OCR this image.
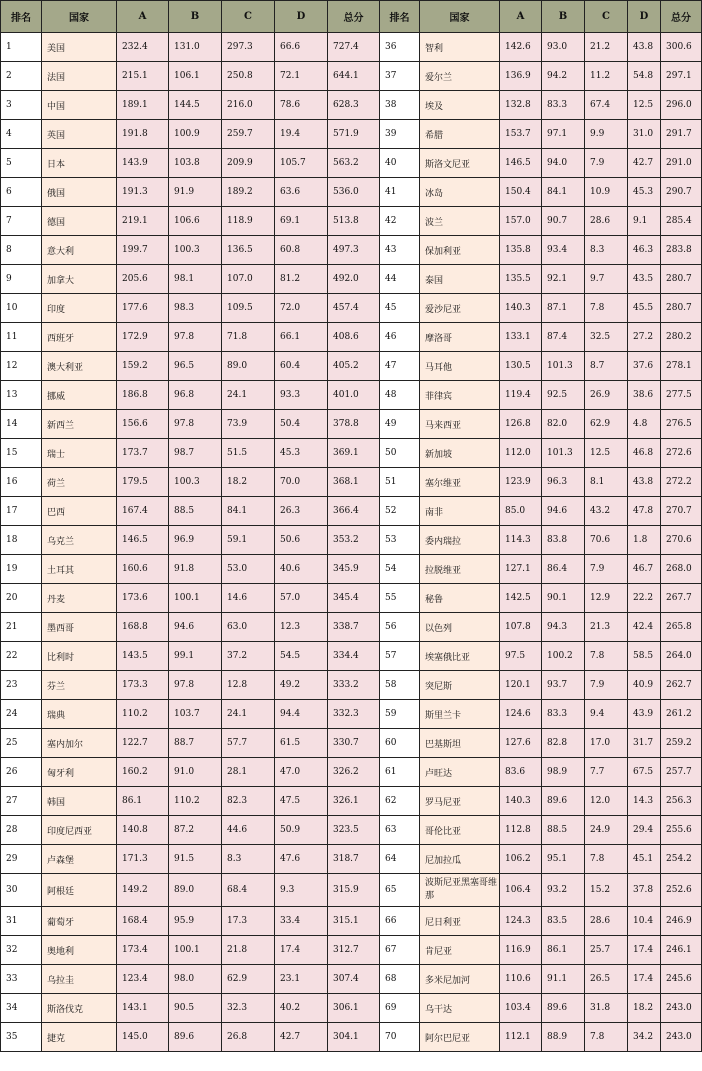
排名	国家	A	B	C	D	总分	排名	国家	A	B	C	D	总分
1	美国	232.4	131.0	297.3	66.6	727.4	36	智利	142.6	93.0	21.2	43.8	300.6
2	法国	215.1	106.1	250.8	72.1	644.1	37	爱尔兰	136.9	94.2	11.2	54.8	297.1
3	中国	189.1	144.5	216.0	78.6	628.3	38	埃及	132.8	83.3	67.4	12.5	296.0
4	英国	191.8	100.9	259.7	19.4	571.9	39	希腊	153.7	97.1	9.9	31.0	291.7
5	日本	143.9	103.8	209.9	105.7	563.2	40	斯洛文尼亚	146.5	94.0	7.9	42.7	291.0
6	俄国	191.3	91.9	189.2	63.6	536.0	41	冰岛	150.4	84.1	10.9	45.3	290.7
7	德国	219.1	106.6	118.9	69.1	513.8	42	波兰	157.0	90.7	28.6	9.1	285.4
8	意大利	199.7	100.3	136.5	60.8	497.3	43	保加利亚	135.8	93.4	8.3	46.3	283.8
9	加拿大	205.6	98.1	107.0	81.2	492.0	44	泰国	135.5	92.1	9.7	43.5	280.7
10	印度	177.6	98.3	109.5	72.0	457.4	45	爱沙尼亚	140.3	87.1	7.8	45.5	280.7
11	西班牙	172.9	97.8	71.8	66.1	408.6	46	摩洛哥	133.1	87.4	32.5	27.2	280.2
12	澳大利亚	159.2	96.5	89.0	60.4	405.2	47	马耳他	130.5	101.3	8.7	37.6	278.1
13	挪威	186.8	96.8	24.1	93.3	401.0	48	菲律宾	119.4	92.5	26.9	38.6	277.5
14	新西兰	156.6	97.8	73.9	50.4	378.8	49	马来西亚	126.8	82.0	62.9	4.8	276.5
15	瑞士	173.7	98.7	51.5	45.3	369.1	50	新加坡	112.0	101.3	12.5	46.8	272.6
16	荷兰	179.5	100.3	18.2	70.0	368.1	51	塞尔维亚	123.9	96.3	8.1	43.8	272.2
17	巴西	167.4	88.5	84.1	26.3	366.4	52	南非	85.0	94.6	43.2	47.8	270.7
18	乌克兰	146.5	96.9	59.1	50.6	353.2	53	委内瑞拉	114.3	83.8	70.6	1.8	270.6
19	土耳其	160.6	91.8	53.0	40.6	345.9	54	拉脱维亚	127.1	86.4	7.9	46.7	268.0
20	丹麦	173.6	100.1	14.6	57.0	345.4	55	秘鲁	142.5	90.1	12.9	22.2	267.7
21	墨西哥	168.8	94.6	63.0	12.3	338.7	56	以色列	107.8	94.3	21.3	42.4	265.8
22	比利时	143.5	99.1	37.2	54.5	334.4	57	埃塞俄比亚	97.5	100.2	7.8	58.5	264.0
23	芬兰	173.3	97.8	12.8	49.2	333.2	58	突尼斯	120.1	93.7	7.9	40.9	262.7
24	瑞典	110.2	103.7	24.1	94.4	332.3	59	斯里兰卡	124.6	83.3	9.4	43.9	261.2
25	塞内加尔	122.7	88.7	57.7	61.5	330.7	60	巴基斯坦	127.6	82.8	17.0	31.7	259.2
26	匈牙利	160.2	91.0	28.1	47.0	326.2	61	卢旺达	83.6	98.9	7.7	67.5	257.7
27	韩国	86.1	110.2	82.3	47.5	326.1	62	罗马尼亚	140.3	89.6	12.0	14.3	256.3
28	印度尼西亚	140.8	87.2	44.6	50.9	323.5	63	哥伦比亚	112.8	88.5	24.9	29.4	255.6
29	卢森堡	171.3	91.5	8.3	47.6	318.7	64	尼加拉瓜	106.2	95.1	7.8	45.1	254.2
30	阿根廷	149.2	89.0	68.4	9.3	315.9	65	波斯尼亚黑塞哥维那	106.4	93.2	15.2	37.8	252.6
31	葡萄牙	168.4	95.9	17.3	33.4	315.1	66	尼日利亚	124.3	83.5	28.6	10.4	246.9
32	奥地利	173.4	100.1	21.8	17.4	312.7	67	肯尼亚	116.9	86.1	25.7	17.4	246.1
33	乌拉圭	123.4	98.0	62.9	23.1	307.4	68	多米尼加河	110.6	91.1	26.5	17.4	245.6
34	斯洛伐克	143.1	90.5	32.3	40.2	306.1	69	乌干达	103.4	89.6	31.8	18.2	243.0
35	捷克	145.0	89.6	26.8	42.7	304.1	70	阿尔巴尼亚	112.1	88.9	7.8	34.2	243.0
